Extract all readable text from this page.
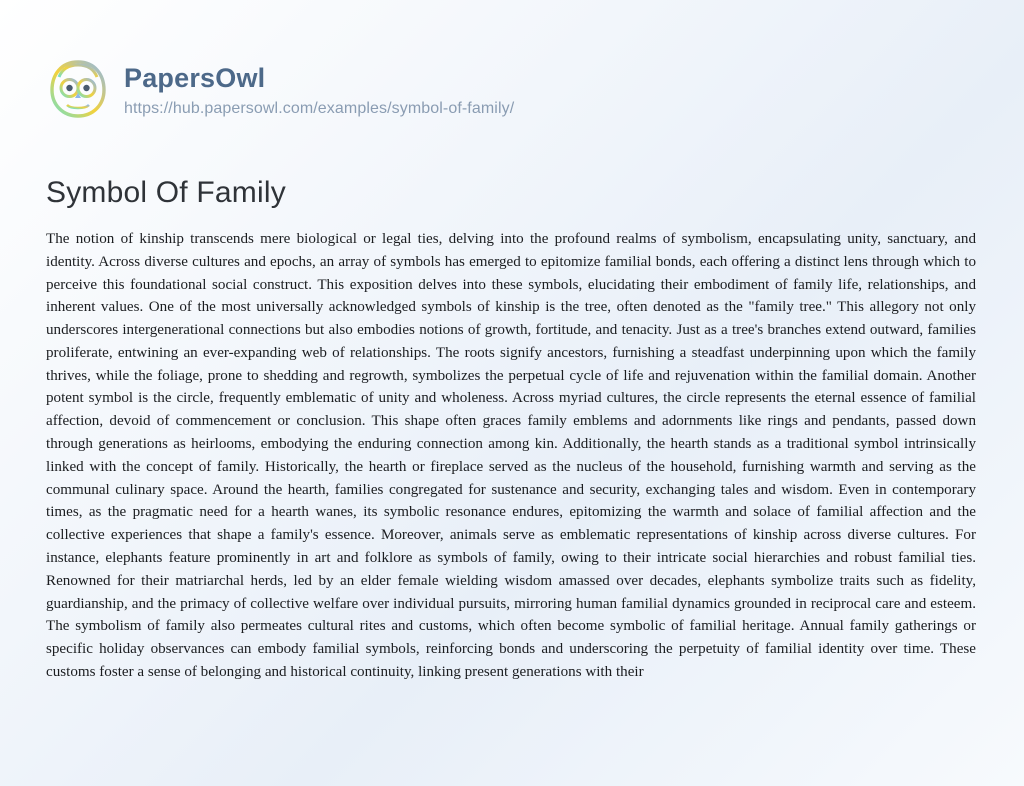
PapersOwl
https://hub.papersowl.com/examples/symbol-of-family/
Symbol Of Family

The notion of kinship transcends mere biological or legal ties, delving into the profound realms of symbolism, encapsulating unity, sanctuary, and identity. Across diverse cultures and epochs, an array of symbols has emerged to epitomize familial bonds, each offering a distinct lens through which to perceive this foundational social construct. This exposition delves into these symbols, elucidating their embodiment of family life, relationships, and inherent values. One of the most universally acknowledged symbols of kinship is the tree, often denoted as the "family tree." This allegory not only underscores intergenerational connections but also embodies notions of growth, fortitude, and tenacity. Just as a tree's branches extend outward, families proliferate, entwining an ever-expanding web of relationships. The roots signify ancestors, furnishing a steadfast underpinning upon which the family thrives, while the foliage, prone to shedding and regrowth, symbolizes the perpetual cycle of life and rejuvenation within the familial domain. Another potent symbol is the circle, frequently emblematic of unity and wholeness. Across myriad cultures, the circle represents the eternal essence of familial affection, devoid of commencement or conclusion. This shape often graces family emblems and adornments like rings and pendants, passed down through generations as heirlooms, embodying the enduring connection among kin. Additionally, the hearth stands as a traditional symbol intrinsically linked with the concept of family. Historically, the hearth or fireplace served as the nucleus of the household, furnishing warmth and serving as the communal culinary space. Around the hearth, families congregated for sustenance and security, exchanging tales and wisdom. Even in contemporary times, as the pragmatic need for a hearth wanes, its symbolic resonance endures, epitomizing the warmth and solace of familial affection and the collective experiences that shape a family's essence. Moreover, animals serve as emblematic representations of kinship across diverse cultures. For instance, elephants feature prominently in art and folklore as symbols of family, owing to their intricate social hierarchies and robust familial ties. Renowned for their matriarchal herds, led by an elder female wielding wisdom amassed over decades, elephants symbolize traits such as fidelity, guardianship, and the primacy of collective welfare over individual pursuits, mirroring human familial dynamics grounded in reciprocal care and esteem. The symbolism of family also permeates cultural rites and customs, which often become symbolic of familial heritage. Annual family gatherings or specific holiday observances can embody familial symbols, reinforcing bonds and underscoring the perpetuity of familial identity over time. These customs foster a sense of belonging and historical continuity, linking present generations with their
